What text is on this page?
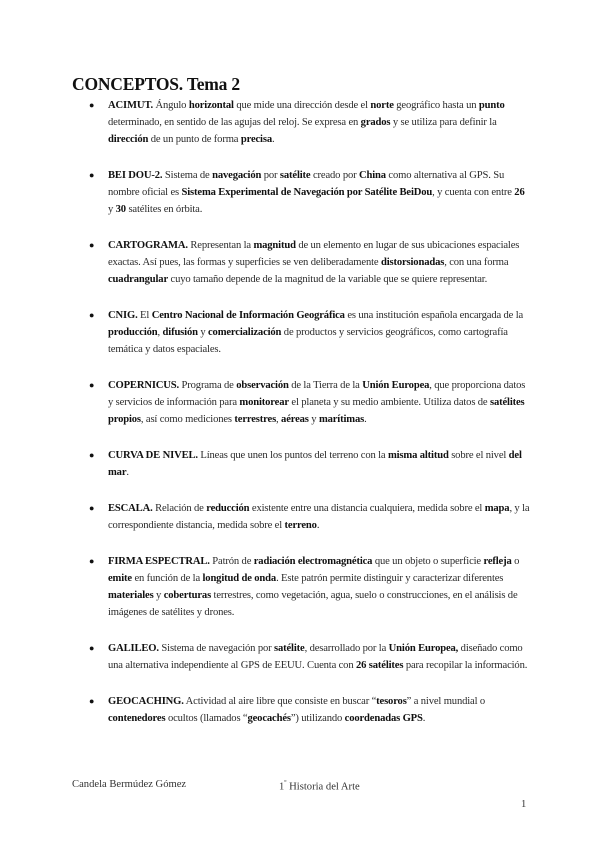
CONCEPTOS. Tema 2
● ACIMUT. Ángulo horizontal que mide una dirección desde el norte geográfico hasta un punto determinado, en sentido de las agujas del reloj. Se expresa en grados y se utiliza para definir la dirección de un punto de forma precisa.
● BEI DOU-2. Sistema de navegación por satélite creado por China como alternativa al GPS. Su nombre oficial es Sistema Experimental de Navegación por Satélite BeiDou, y cuenta con entre 26 y 30 satélites en órbita.
● CARTOGRAMA. Representan la magnitud de un elemento en lugar de sus ubicaciones espaciales exactas. Así pues, las formas y superficies se ven deliberadamente distorsionadas, con una forma cuadrangular cuyo tamaño depende de la magnitud de la variable que se quiere representar.
● CNIG. El Centro Nacional de Información Geográfica es una institución española encargada de la producción, difusión y comercialización de productos y servicios geográficos, como cartografía temática y datos espaciales.
● COPERNICUS. Programa de observación de la Tierra de la Unión Europea, que proporciona datos y servicios de información para monitorear el planeta y su medio ambiente. Utiliza datos de satélites propios, así como mediciones terrestres, aéreas y marítimas.
● CURVA DE NIVEL. Líneas que unen los puntos del terreno con la misma altitud sobre el nivel del mar.
● ESCALA. Relación de reducción existente entre una distancia cualquiera, medida sobre el mapa, y la correspondiente distancia, medida sobre el terreno.
● FIRMA ESPECTRAL. Patrón de radiación electromagnética que un objeto o superficie refleja o emite en función de la longitud de onda. Este patrón permite distinguir y caracterizar diferentes materiales y coberturas terrestres, como vegetación, agua, suelo o construcciones, en el análisis de imágenes de satélites y drones.
● GALILEO. Sistema de navegación por satélite, desarrollado por la Unión Europea, diseñado como una alternativa independiente al GPS de EEUU. Cuenta con 26 satélites para recopilar la información.
● GEOCACHING. Actividad al aire libre que consiste en buscar “tesoros” a nivel mundial o contenedores ocultos (llamados “geocachés”) utilizando coordenadas GPS.
Candela Bermúdez Gómez	$1^º$ Historia del Arte
1
